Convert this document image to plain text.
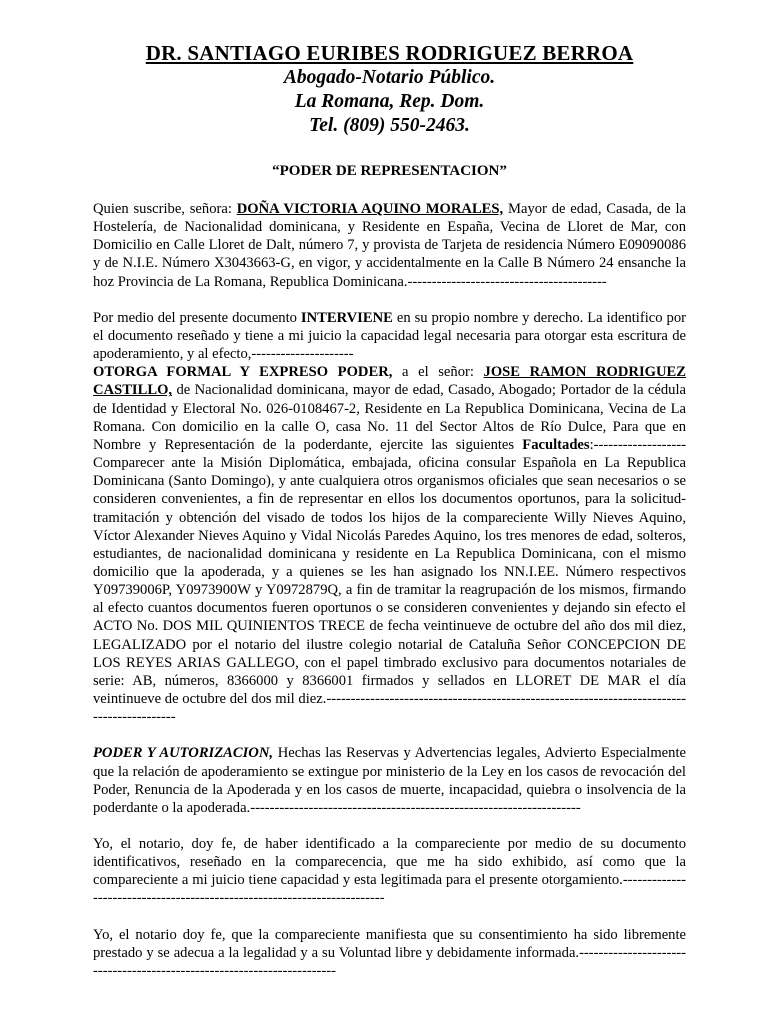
DR. SANTIAGO EURIBES RODRIGUEZ BERROA
Abogado-Notario Público.
La Romana, Rep. Dom.
Tel. (809) 550-2463.
“PODER DE REPRESENTACION”

Quien suscribe, señora: DOÑA VICTORIA AQUINO MORALES, Mayor de edad, Casada, de la Hostelería, de Nacionalidad dominicana, y Residente en España, Vecina de Lloret de Mar, con Domicilio en Calle Lloret de Dalt, número 7, y provista de Tarjeta de residencia Número E09090086 y de N.I.E. Número X3043663-G, en vigor, y accidentalmente en la Calle B Número 24 ensanche la hoz Provincia de La Romana, Republica Dominicana.-----------------------------------------

Por medio del presente documento INTERVIENE en su propio nombre y derecho. La identifico por el documento reseñado y tiene a mi juicio la capacidad legal necesaria para otorgar esta escritura de apoderamiento, y al efecto,---------------------

OTORGA FORMAL Y EXPRESO PODER, a el señor: JOSE RAMON RODRIGUEZ CASTILLO, de Nacionalidad dominicana, mayor de edad, Casado, Abogado; Portador de la cédula de Identidad y Electoral No. 026-0108467-2, Residente en La Republica Dominicana, Vecina de La Romana. Con domicilio en la calle O, casa No. 11 del Sector Altos de Río Dulce, Para que en Nombre y Representación de la poderdante, ejercite las siguientes Facultades:------------------- Comparecer ante la Misión Diplomática, embajada, oficina consular Española en La Republica Dominicana (Santo Domingo), y ante cualquiera otros organismos oficiales que sean necesarios o se consideren convenientes, a fin de representar en ellos los documentos oportunos, para la solicitud-tramitación y obtención del visado de todos los hijos de la compareciente Willy Nieves Aquino, Víctor Alexander Nieves Aquino y Vidal Nicolás Paredes Aquino, los tres menores de edad, solteros, estudiantes, de nacionalidad dominicana y residente en La Republica Dominicana, con el mismo domicilio que la apoderada, y a quienes se les han asignado los NN.I.EE. Número respectivos Y09739006P, Y0973900W y Y0972879Q, a fin de tramitar la reagrupación de los mismos, firmando al efecto cuantos documentos fueren oportunos o se consideren convenientes y dejando sin efecto el ACTO No. DOS MIL QUINIENTOS TRECE de fecha veintinueve de octubre del año dos mil diez, LEGALIZADO por el notario del ilustre colegio notarial de Cataluña Señor CONCEPCION DE LOS REYES ARIAS GALLEGO, con el papel timbrado exclusivo para documentos notariales de serie: AB, números, 8366000 y 8366001 firmados y sellados en LLORET DE MAR el día veintinueve de octubre del dos mil diez.-------------------------------------------------------------------------------------------

PODER Y AUTORIZACION, Hechas las Reservas y Advertencias legales, Advierto Especialmente que la relación de apoderamiento se extingue por ministerio de la Ley en los casos de revocación del Poder, Renuncia de la Apoderada y en los casos de muerte, incapacidad, quiebra o insolvencia de la poderdante o la apoderada.--------------------------------------------------------------------

Yo, el notario, doy fe, de haber identificado a la compareciente por medio de su documento identificativos, reseñado en la comparecencia, que me ha sido exhibido, así como que la compareciente a mi juicio tiene capacidad y esta legitimada para el presente otorgamiento.-------------------------------------------------------------------------

Yo, el notario doy fe, que la compareciente manifiesta que su consentimiento ha sido libremente prestado y se adecua a la legalidad y a su Voluntad libre y debidamente informada.------------------------------------------------------------------------
